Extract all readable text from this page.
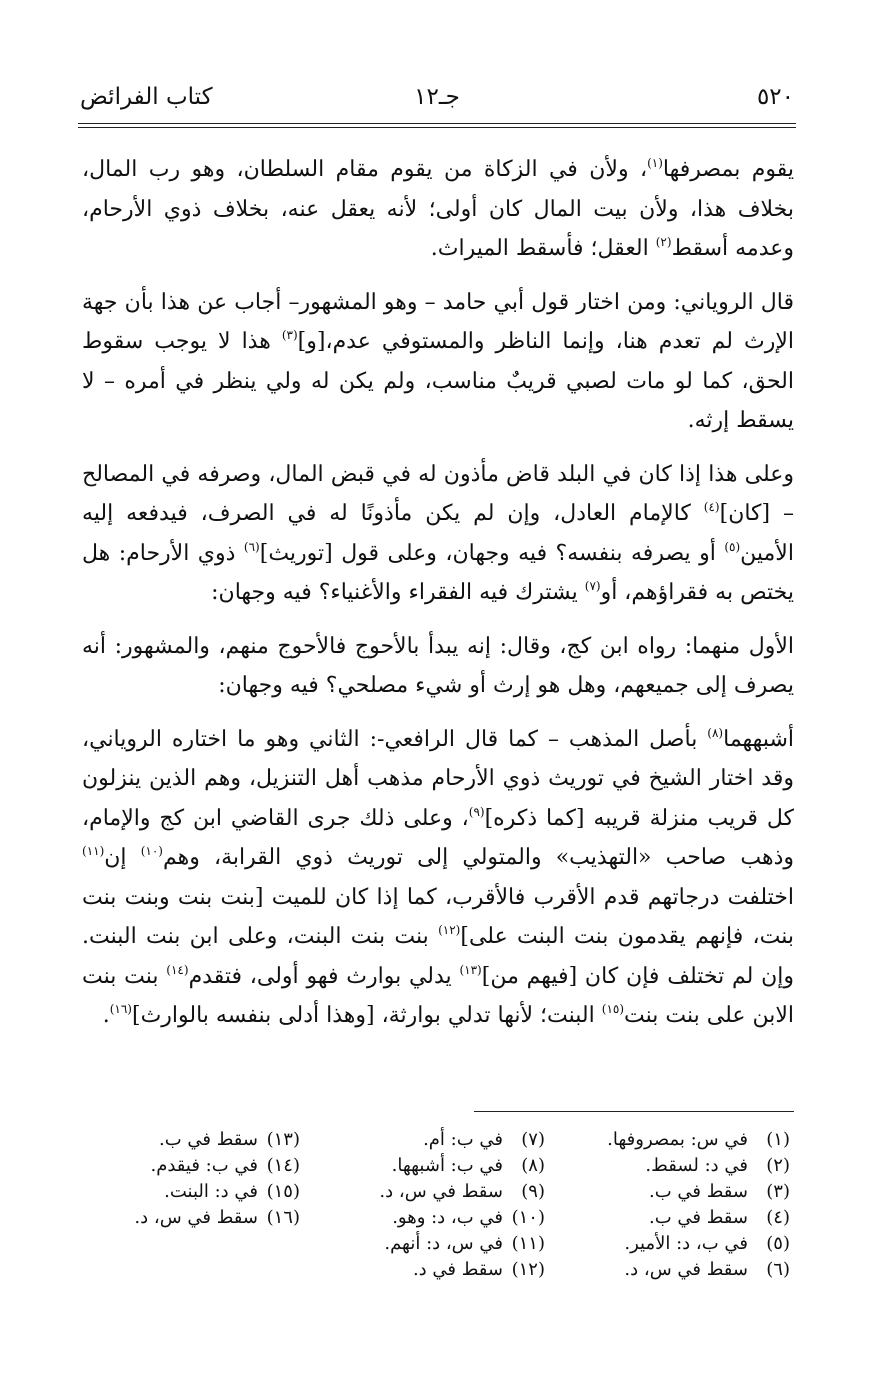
٥٢٠
جـ١٢
كتاب الفرائض

يقوم بمصرفها$^{(١)}$، ولأن في الزكاة من يقوم مقام السلطان، وهو رب المال، بخلاف هذا، ولأن بيت المال كان أولى؛ لأنه يعقل عنه، بخلاف ذوي الأرحام، وعدمه أسقط$^{(٢)}$ العقل؛ فأسقط الميراث.

قال الروياني: ومن اختار قول أبي حامد – وهو المشهور– أجاب عن هذا بأن جهة الإرث لم تعدم هنا، وإنما الناظر والمستوفي عدم،[و]$^{(٣)}$ هذا لا يوجب سقوط الحق، كما لو مات لصبي قريبٌ مناسب، ولم يكن له ولي ينظر في أمره – لا يسقط إرثه.

وعلى هذا إذا كان في البلد قاض مأذون له في قبض المال، وصرفه في المصالح – [كان]$^{(٤)}$ كالإمام العادل، وإن لم يكن مأذونًا له في الصرف، فيدفعه إليه الأمين$^{(٥)}$ أو يصرفه بنفسه؟ فيه وجهان، وعلى قول [توريث]$^{(٦)}$ ذوي الأرحام: هل يختص به فقراؤهم، أو$^{(٧)}$ يشترك فيه الفقراء والأغنياء؟ فيه وجهان:

الأول منهما: رواه ابن كج، وقال: إنه يبدأ بالأحوج فالأحوج منهم، والمشهور: أنه يصرف إلى جميعهم، وهل هو إرث أو شيء مصلحي؟ فيه وجهان:

أشبههما$^{(٨)}$ بأصل المذهب – كما قال الرافعي-: الثاني وهو ما اختاره الروياني، وقد اختار الشيخ في توريث ذوي الأرحام مذهب أهل التنزيل، وهم الذين ينزلون كل قريب منزلة قريبه [كما ذكره]$^{(٩)}$، وعلى ذلك جرى القاضي ابن كج والإمام، وذهب صاحب «التهذيب» والمتولي إلى توريث ذوي القرابة، وهم$^{(١٠)}$ إن$^{(١١)}$ اختلفت درجاتهم قدم الأقرب فالأقرب، كما إذا كان للميت [بنت بنت وبنت بنت بنت، فإنهم يقدمون بنت البنت على]$^{(١٢)}$ بنت بنت البنت، وعلى ابن بنت البنت. وإن لم تختلف فإن كان [فيهم من]$^{(١٣)}$ يدلي بوارث فهو أولى، فتقدم$^{(١٤)}$ بنت بنت الابن على بنت بنت$^{(١٥)}$ البنت؛ لأنها تدلي بوارثة، [وهذا أدلى بنفسه بالوارث]$^{(١٦)}$.

(١)في س: بمصروفها.
(٢)في د: لسقط.
(٣)سقط في ب.
(٤)سقط في ب.
(٥)في ب، د: الأمير.
(٦)سقط في س، د.
(٧)في ب: أم.
(٨)في ب: أشبهها.
(٩)سقط في س، د.
(١٠)في ب، د: وهو.
(١١)في س، د: أنهم.
(١٢)سقط في د.
(١٣)سقط في ب.
(١٤)في ب: فيقدم.
(١٥)في د: البنت.
(١٦)سقط في س، د.
